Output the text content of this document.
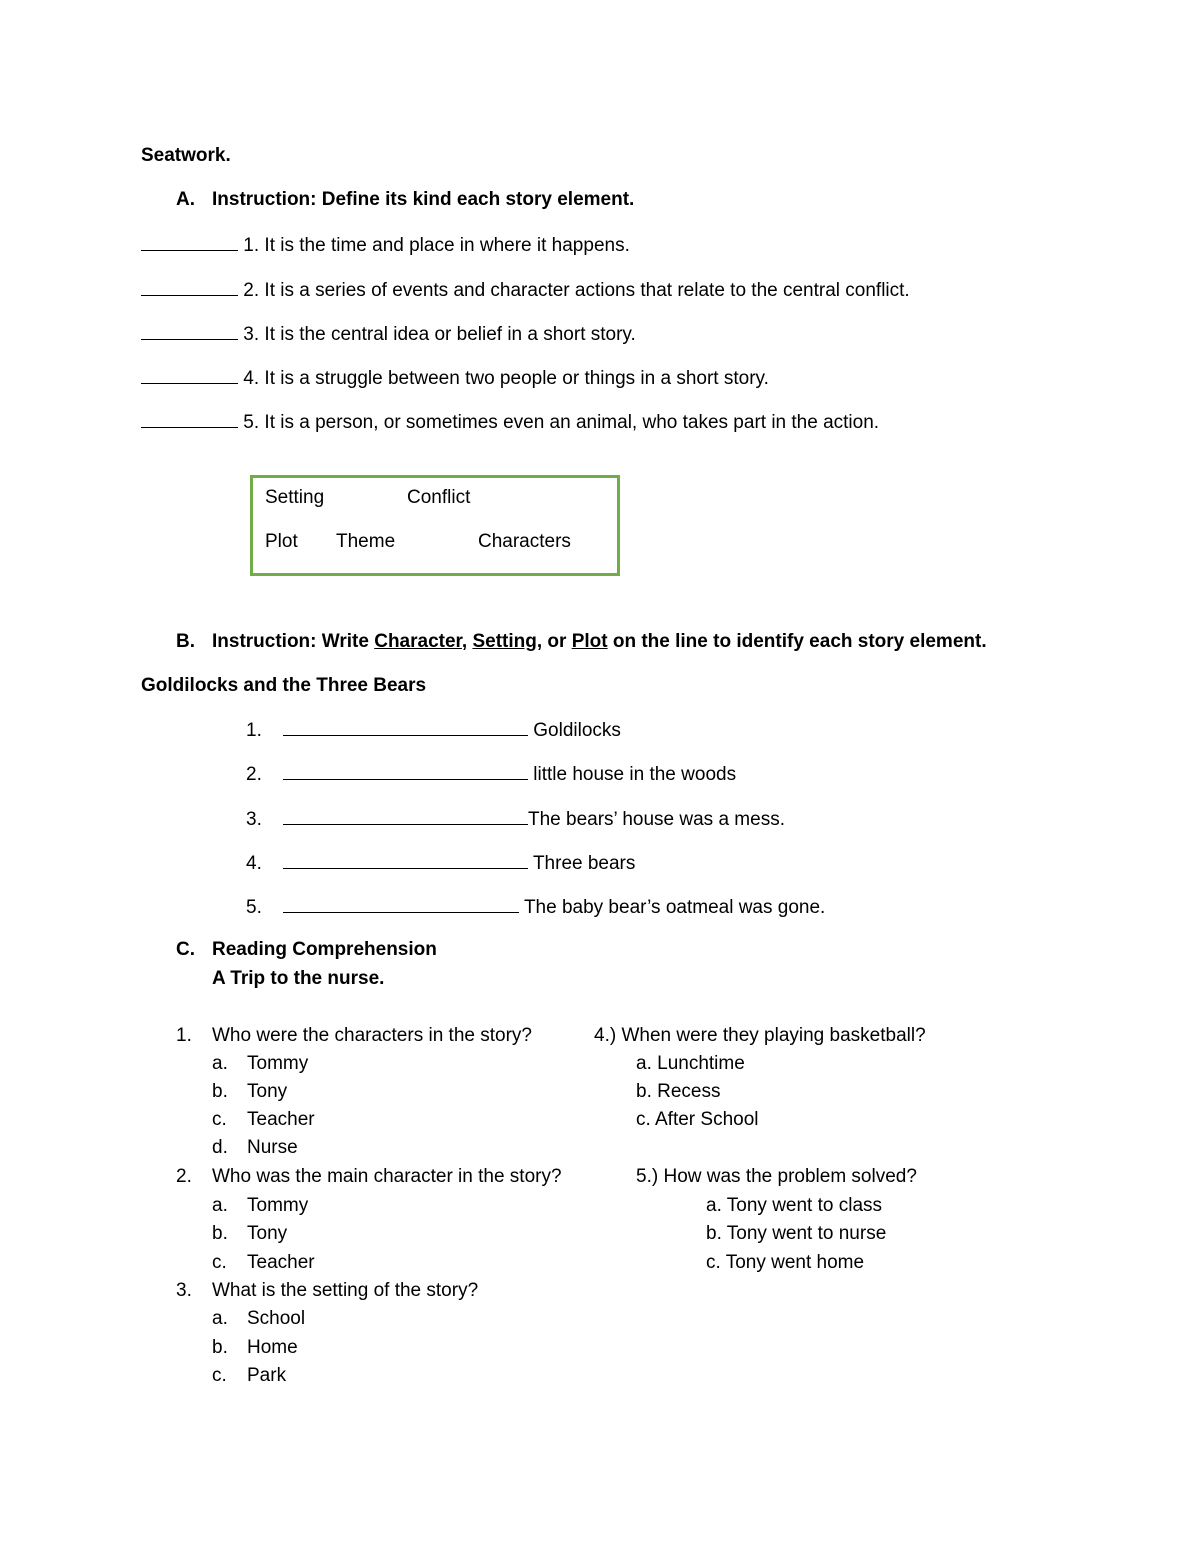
Seatwork.
A. Instruction: Define its kind each story element.
1. It is the time and place in where it happens.
2. It is a series of events and character actions that relate to the central conflict.
3. It is the central idea or belief in a short story.
4. It is a struggle between two people or things in a short story.
5. It is a person, or sometimes even an animal, who takes part in the action.
Setting	Conflict
Plot Theme	Characters
B. Instruction: Write Character, Setting, or Plot on the line to identify each story element.
Goldilocks and the Three Bears
1.	Goldilocks
2.	little house in the woods
3.	The bears’ house was a mess.
4.	Three bears
5.	The baby bear’s oatmeal was gone.
C. Reading Comprehension
A Trip to the nurse.
1. Who were the characters in the story?
a. Tommy
b. Tony
c. Teacher
d. Nurse
2. Who was the main character in the story?
a. Tommy
b. Tony
c. Teacher
3. What is the setting of the story?
a. School
b. Home
c. Park
4.) When were they playing basketball?
a. Lunchtime
b. Recess
c. After School
5.) How was the problem solved?
a. Tony went to class
b. Tony went to nurse
c. Tony went home
